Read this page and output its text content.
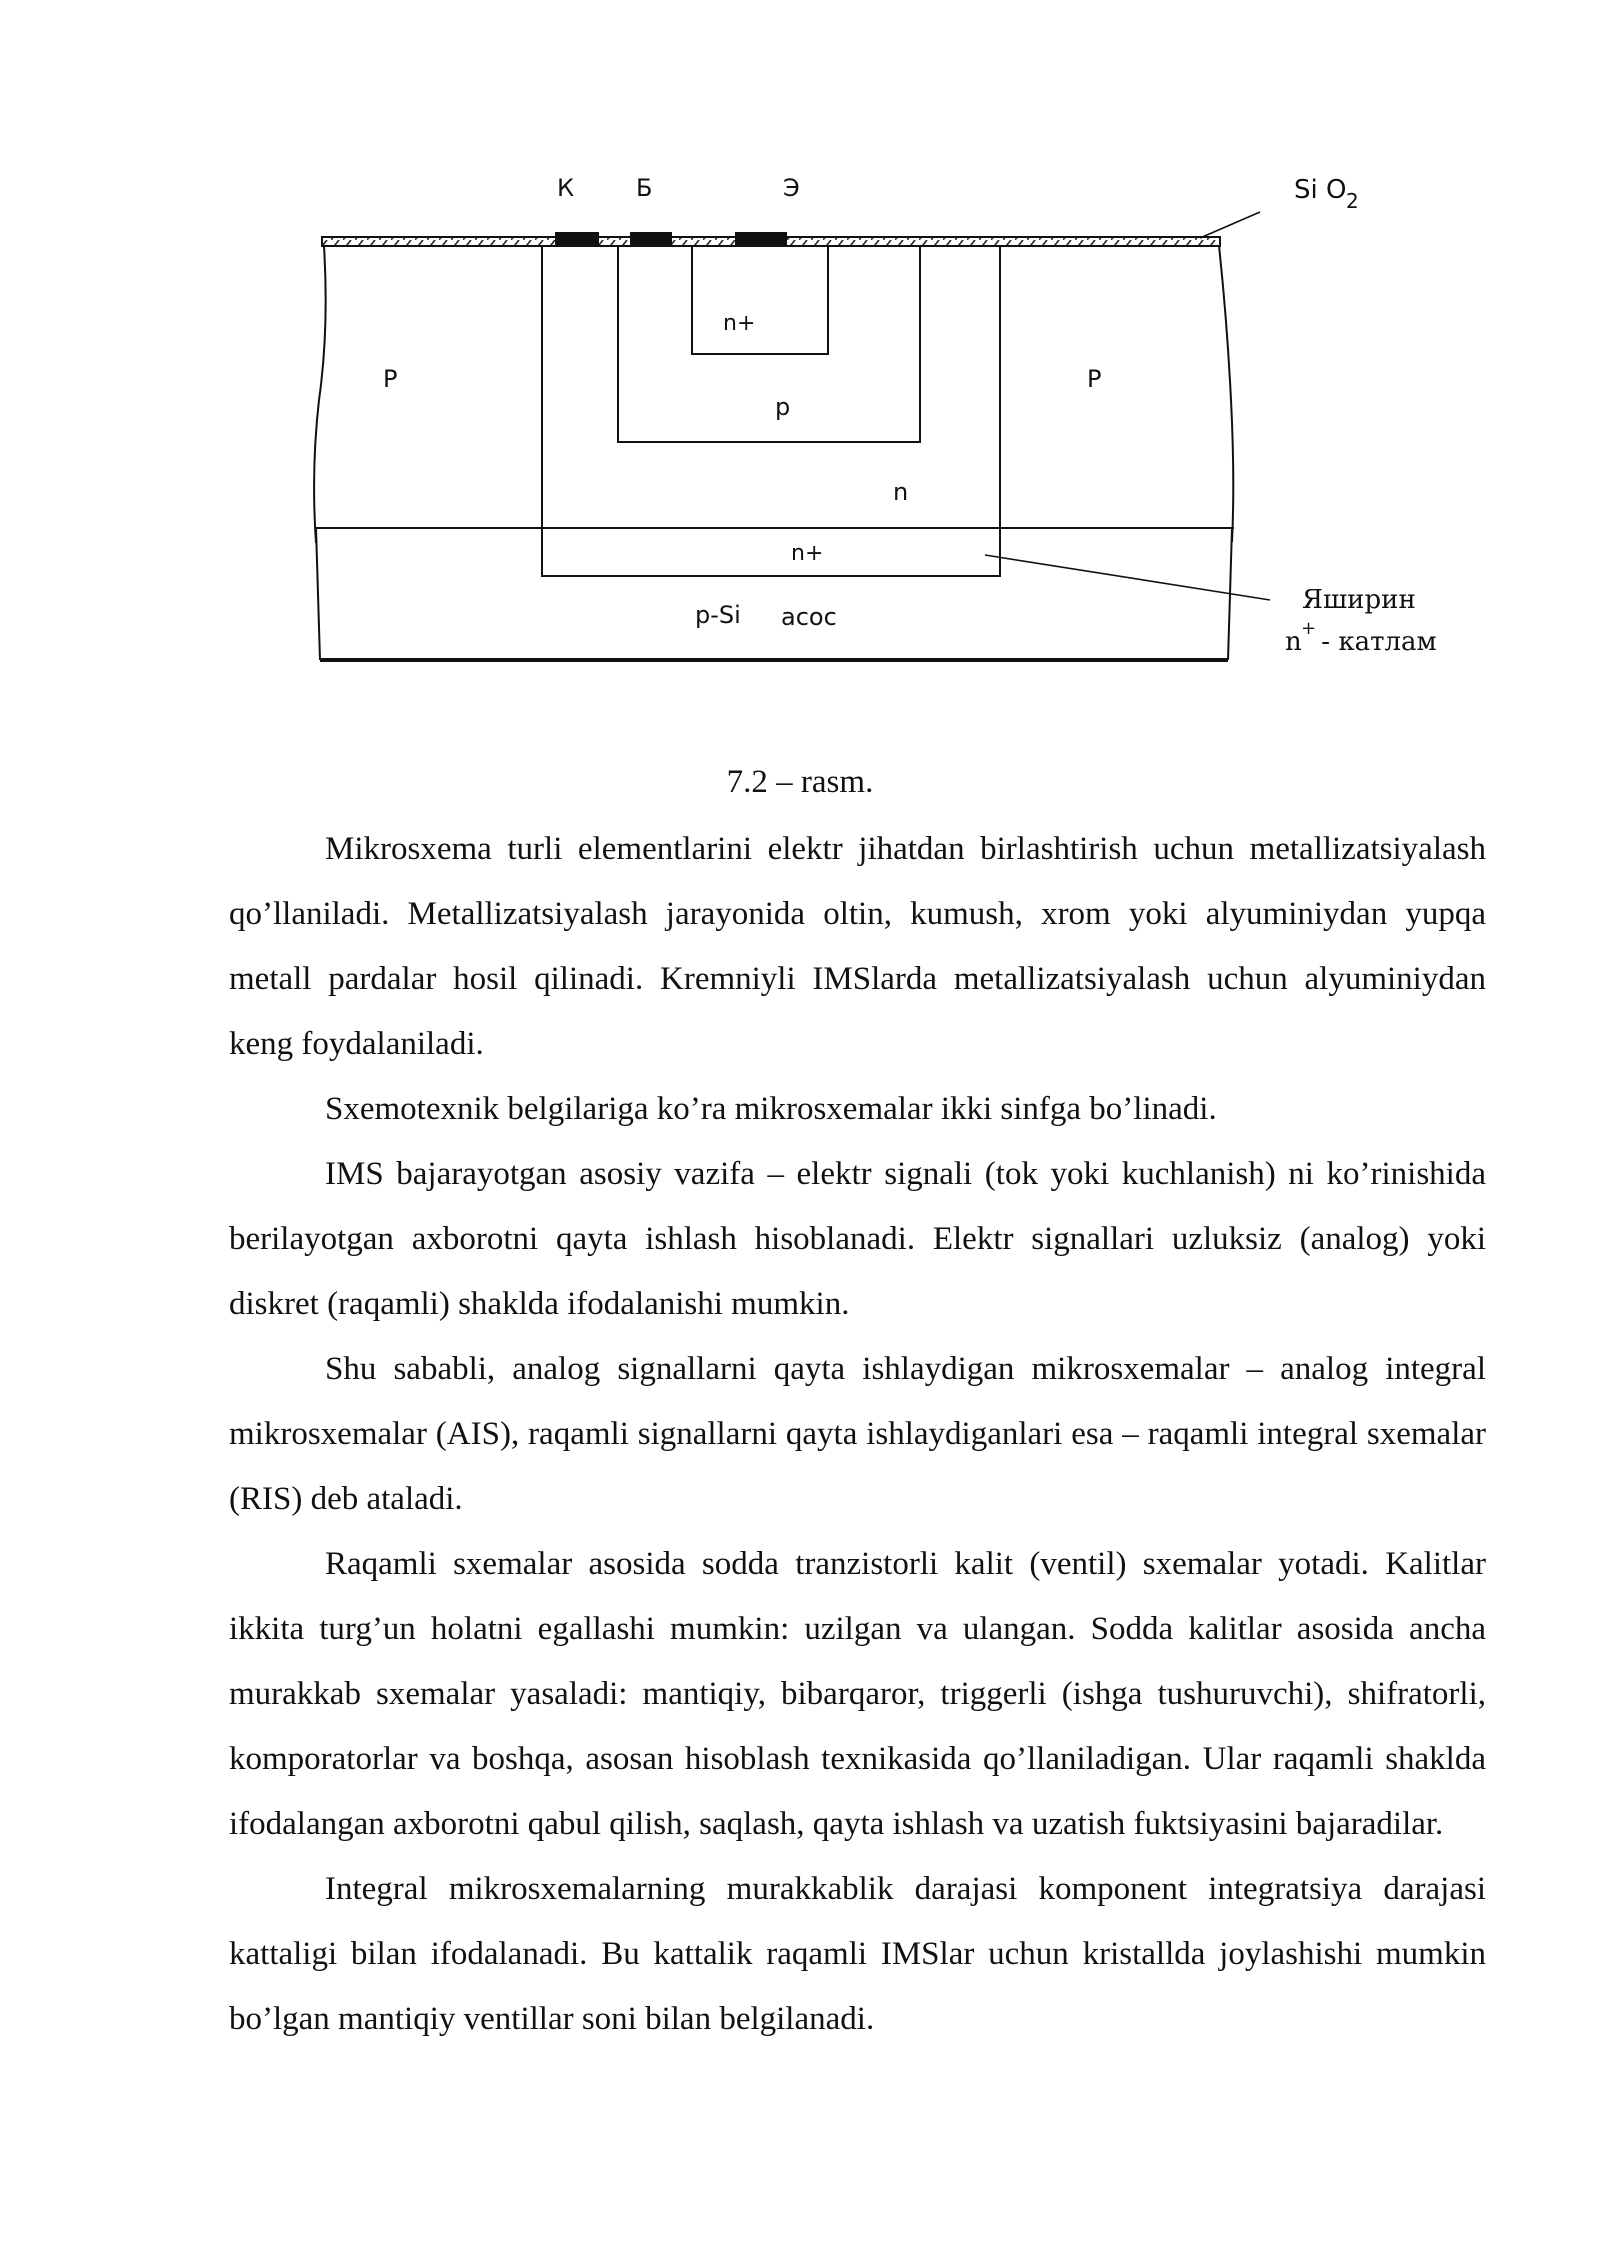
К	Б	Э	Si O 2
P	P
n+
p
n
n+
p-Si асос
Яширин
n +
- катлам
7.2 – rasm.

Mikrosxema turli elementlarini elektr jihatdan birlashtirish uchun metallizatsiyalash qo’llaniladi. Metallizatsiyalash jarayonida oltin, kumush, xrom yoki alyuminiydan yupqa metall pardalar hosil qilinadi. Kremniyli IMSlarda metallizatsiyalash uchun alyuminiydan keng foydalaniladi.

Sxemotexnik belgilariga ko’ra mikrosxemalar ikki sinfga bo’linadi.

IMS bajarayotgan asosiy vazifa – elektr signali (tok yoki kuchlanish) ni ko’rinishida berilayotgan axborotni qayta ishlash hisoblanadi. Elektr signallari uzluksiz (analog) yoki diskret (raqamli) shaklda ifodalanishi mumkin.

Shu sababli, analog signallarni qayta ishlaydigan mikrosxemalar – analog integral mikrosxemalar (AIS), raqamli signallarni qayta ishlaydiganlari esa – raqamli integral sxemalar (RIS) deb ataladi.

Raqamli sxemalar asosida sodda tranzistorli kalit (ventil) sxemalar yotadi. Kalitlar ikkita turg’un holatni egallashi mumkin: uzilgan va ulangan. Sodda kalitlar asosida ancha murakkab sxemalar yasaladi: mantiqiy, bibarqaror, triggerli (ishga tushuruvchi), shifratorli, komporatorlar va boshqa, asosan hisoblash texnikasida qo’llaniladigan. Ular raqamli shaklda ifodalangan axborotni qabul qilish, saqlash, qayta ishlash va uzatish fuktsiyasini bajaradilar.

Integral mikrosxemalarning murakkablik darajasi komponent integratsiya darajasi kattaligi bilan ifodalanadi. Bu kattalik raqamli IMSlar uchun kristallda joylashishi mumkin bo’lgan mantiqiy ventillar soni bilan belgilanadi.
